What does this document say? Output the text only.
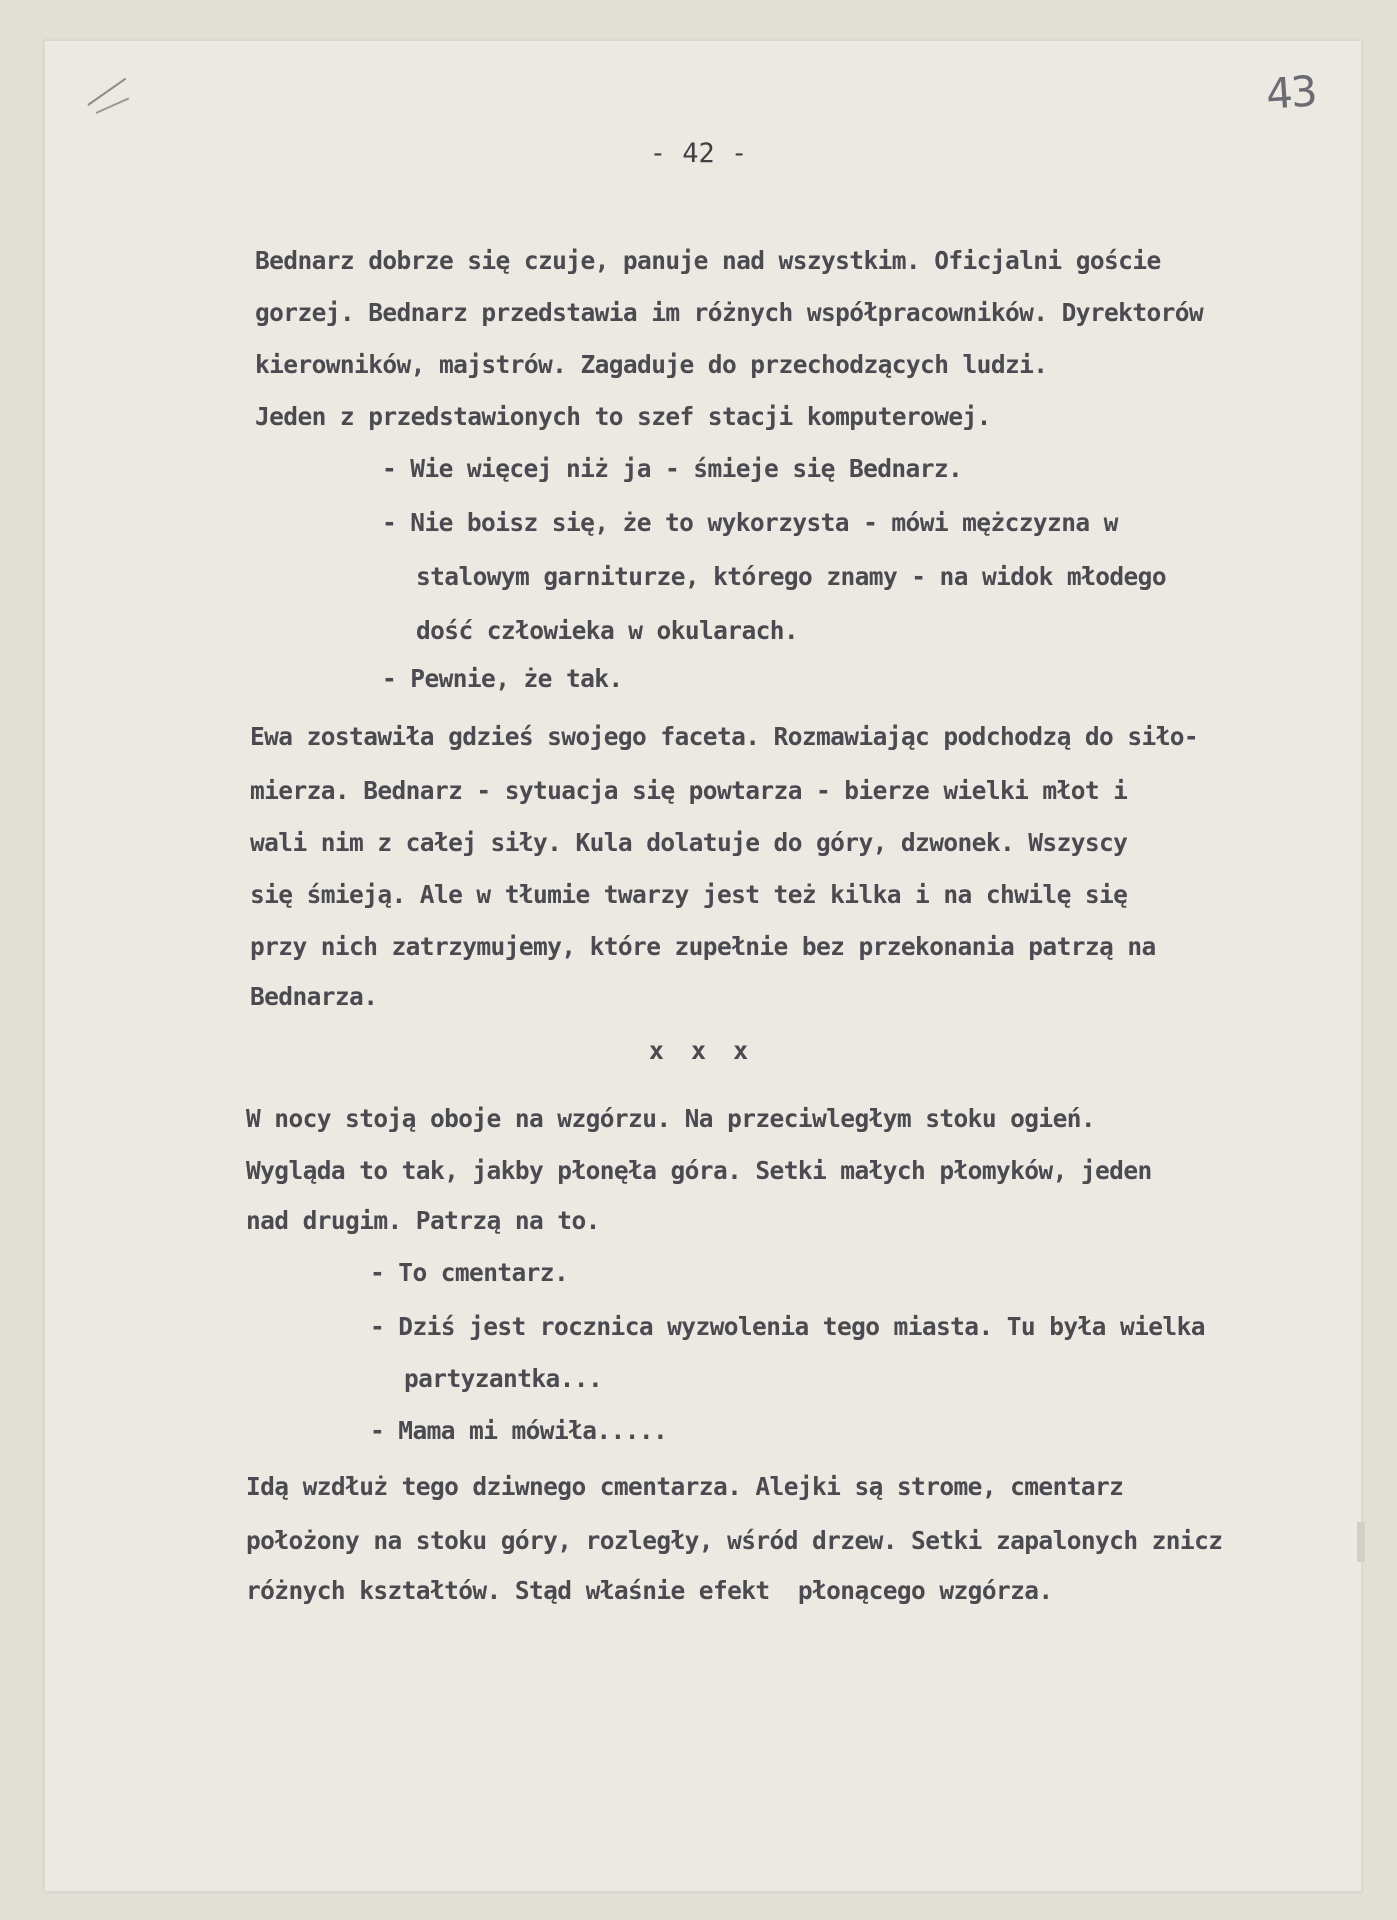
43
- 42 -
Bednarz dobrze się czuje, panuje nad wszystkim. Oficjalni goście
gorzej. Bednarz przedstawia im różnych współpracowników. Dyrektorów
kierowników, majstrów. Zagaduje do przechodzących ludzi.
Jeden z przedstawionych to szef stacji komputerowej.
- Wie więcej niż ja - śmieje się Bednarz.
- Nie boisz się, że to wykorzysta - mówi mężczyzna w
stalowym garniturze, którego znamy - na widok młodego
dość człowieka w okularach.
- Pewnie, że tak.
Ewa zostawiła gdzieś swojego faceta. Rozmawiając podchodzą do siło-
mierza. Bednarz - sytuacja się powtarza - bierze wielki młot i
wali nim z całej siły. Kula dolatuje do góry, dzwonek. Wszyscy
się śmieją. Ale w tłumie twarzy jest też kilka i na chwilę się
przy nich zatrzymujemy, które zupełnie bez przekonania patrzą na
Bednarza.
x x x
W nocy stoją oboje na wzgórzu. Na przeciwległym stoku ogień.
Wygląda to tak, jakby płonęła góra. Setki małych płomyków, jeden
nad drugim. Patrzą na to.
- To cmentarz.
- Dziś jest rocznica wyzwolenia tego miasta. Tu była wielka
partyzantka...
- Mama mi mówiła.....
Idą wzdłuż tego dziwnego cmentarza. Alejki są strome, cmentarz
położony na stoku góry, rozległy, wśród drzew. Setki zapalonych znicz
różnych kształtów. Stąd właśnie efekt  płonącego wzgórza.
